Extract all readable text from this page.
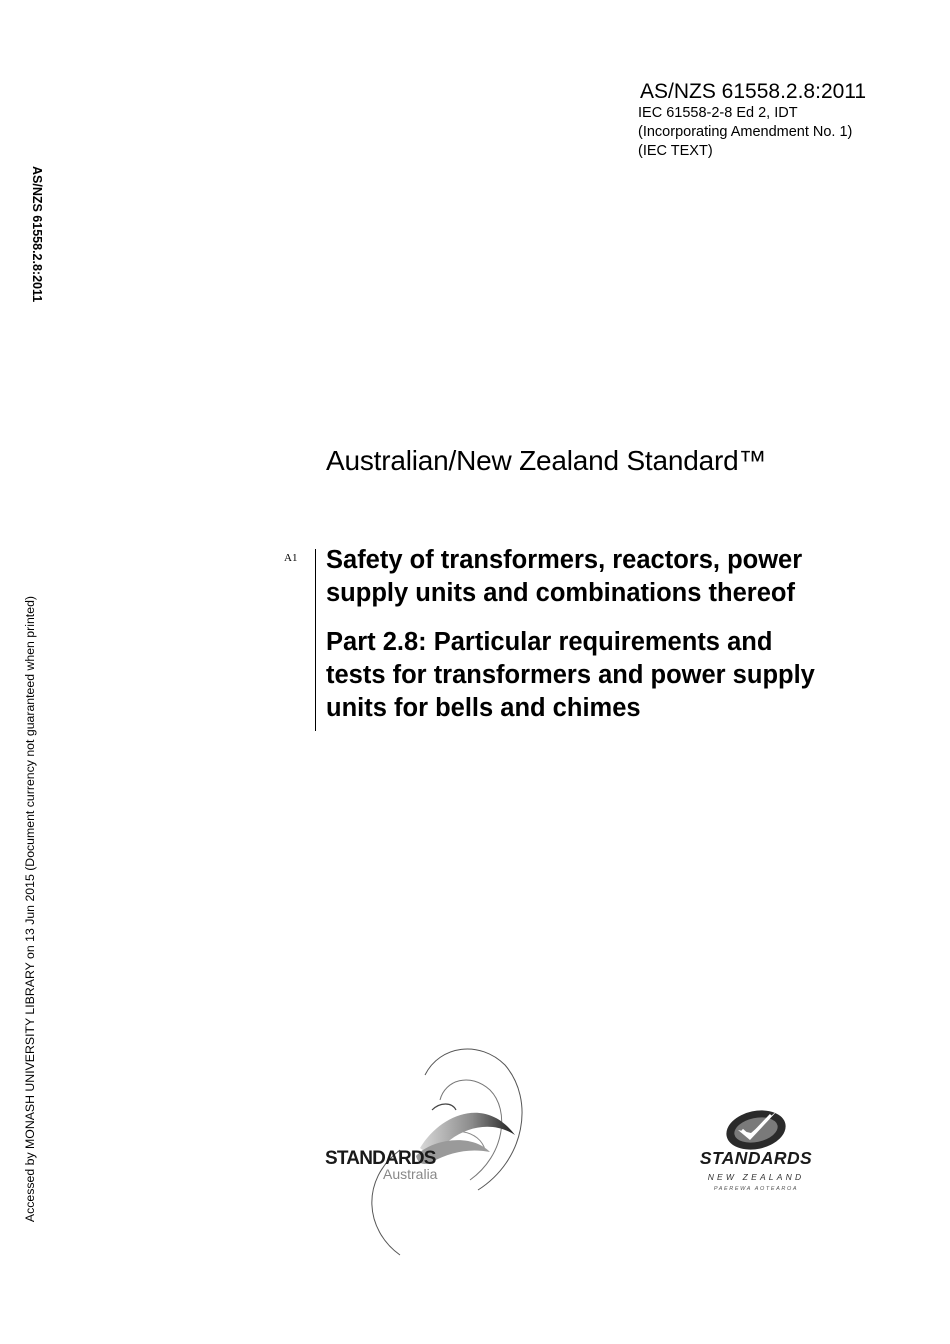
AS/NZS 61558.2.8:2011
IEC 61558-2-8 Ed 2, IDT
(Incorporating Amendment No. 1)
(IEC TEXT)
AS/NZS 61558.2.8:2011
Accessed by MONASH UNIVERSITY LIBRARY on 13 Jun 2015 (Document currency not guaranteed when printed)
Australian/New Zealand Standard™
A1 Safety of transformers, reactors, power
supply units and combinations thereof
Part 2.8: Particular requirements and
tests for transformers and power supply
units for bells and chimes
STANDARDS
Australia
STANDARDS
NEW ZEALAND
PAEREWA AOTEAROA
